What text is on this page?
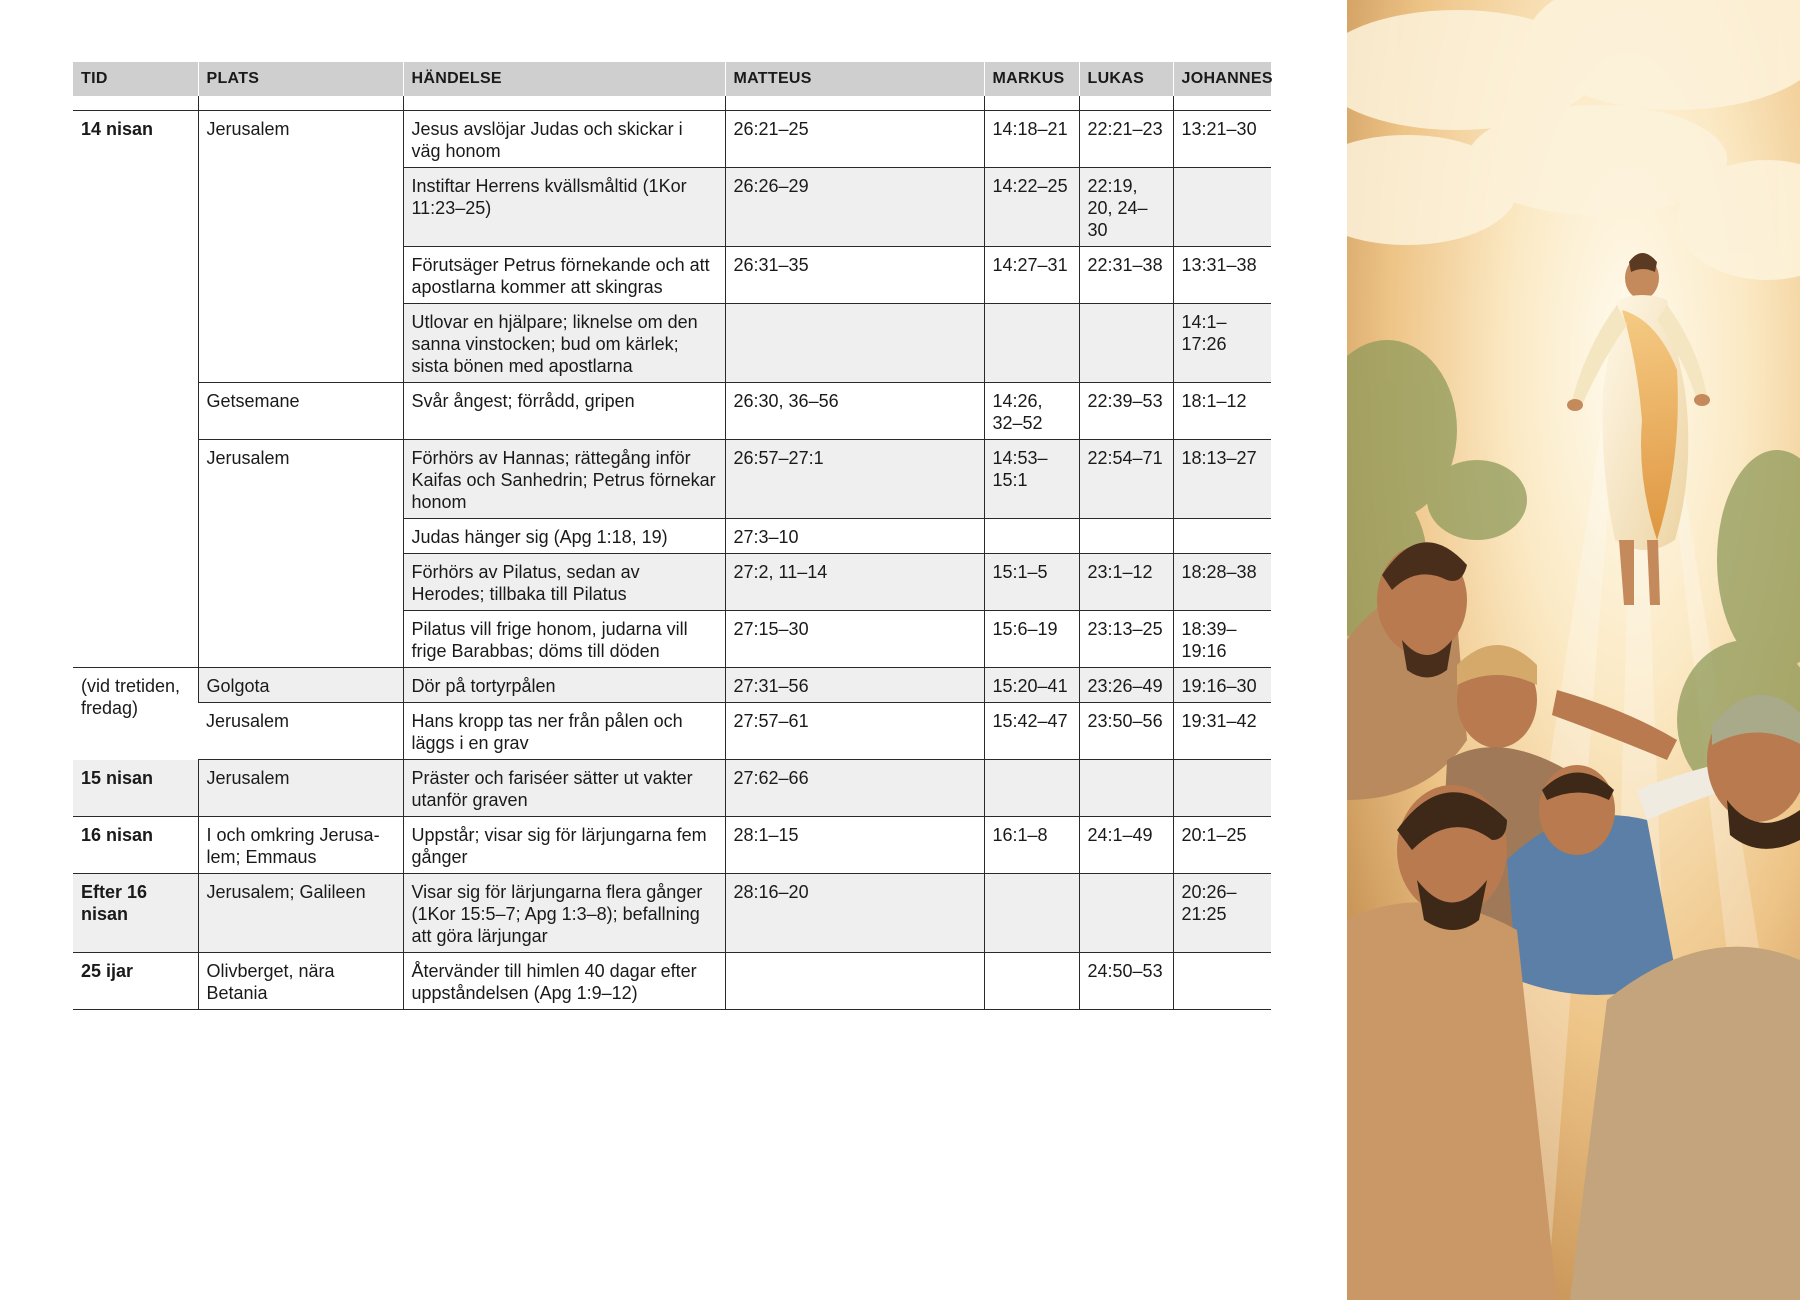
TID	PLATS	HÄNDELSE	MATTEUS	MARKUS	LUKAS	JOHANNES

14 nisan	Jerusalem	Jesus avslöjar Judas och skickar i väg honom	26:21–25	14:18–21	22:21–23	13:21–30
		Instiftar Herrens kvällsmåltid (1Kor 11:23–25)	26:26–29	14:22–25	22:19, 20, 24–30	
		Förutsäger Petrus förnekande och att apostlarna kommer att skingras	26:31–35	14:27–31	22:31–38	13:31–38
		Utlovar en hjälpare; liknelse om den sanna vinstocken; bud om kärlek; sista bönen med apostlarna				14:1–17:26
	Getsemane	Svår ångest; förrådd, gripen	26:30, 36–56	14:26, 32–52	22:39–53	18:1–12
	Jerusalem	Förhörs av Hannas; rättegång inför Kaifas och Sanhedrin; Petrus förnekar honom	26:57–27:1	14:53–15:1	22:54–71	18:13–27
		Judas hänger sig (Apg 1:18, 19)	27:3–10			
		Förhörs av Pilatus, sedan av Herodes; tillbaka till Pilatus	27:2, 11–14	15:1–5	23:1–12	18:28–38
		Pilatus vill frige honom, judarna vill frige Barabbas; döms till döden	27:15–30	15:6–19	23:13–25	18:39–19:16
(vid tretiden, fredag)	Golgota	Dör på tortyrpålen	27:31–56	15:20–41	23:26–49	19:16–30
	Jerusalem	Hans kropp tas ner från pålen och läggs i en grav	27:57–61	15:42–47	23:50–56	19:31–42
15 nisan	Jerusalem	Präster och fariséer sätter ut vakter utanför graven	27:62–66			
16 nisan	I och omkring Jerusalem; Emmaus	Uppstår; visar sig för lärjungarna fem gånger	28:1–15	16:1–8	24:1–49	20:1–25
Efter 16 nisan	Jerusalem; Galileen	Visar sig för lärjungarna flera gånger (1Kor 15:5–7; Apg 1:3–8); befallning att göra lärjungar	28:16–20			20:26–21:25
25 ijar	Olivberget, nära Betania	Återvänder till himlen 40 dagar efter uppståndelsen (Apg 1:9–12)			24:50–53	
